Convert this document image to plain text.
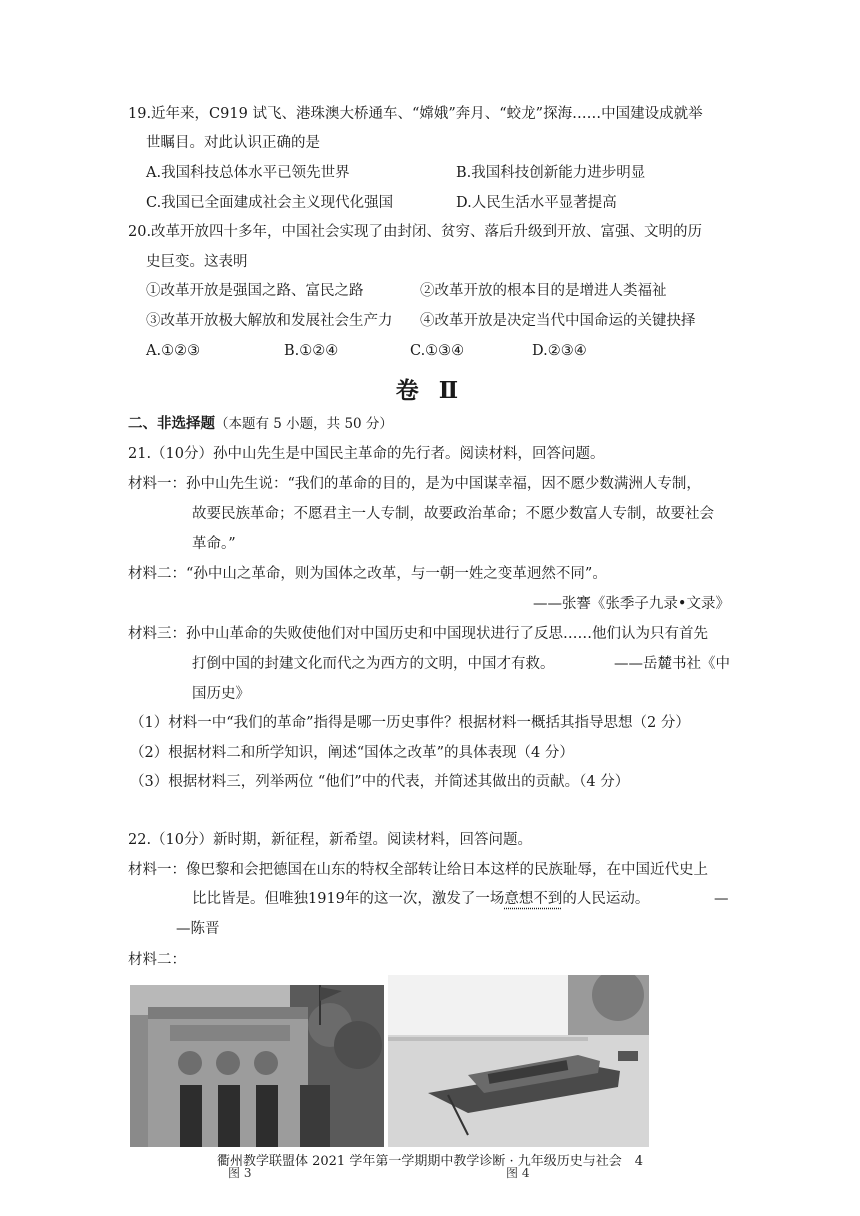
19.近年来，C919 试飞、港珠澳大桥通车、“嫦娥”奔月、“蛟龙”探海……中国建设成就举
世瞩目。对此认识正确的是
A.我国科技总体水平已领先世界	B.我国科技创新能力进步明显
C.我国已全面建成社会主义现代化强国	D.人民生活水平显著提高
20.改革开放四十多年，中国社会实现了由封闭、贫穷、落后升级到开放、富强、文明的历
史巨变。这表明
①改革开放是强国之路、富民之路	②改革开放的根本目的是增进人类福祉
③改革开放极大解放和发展社会生产力 ④改革开放是决定当代中国命运的关键抉择
A.①②③	B.①②④	C.①③④	D.②③④
卷 Ⅱ
二、非选择题（本题有 5 小题，共 50 分）
21.（10分）孙中山先生是中国民主革命的先行者。阅读材料，回答问题。
材料一：孙中山先生说：“我们的革命的目的，是为中国谋幸福，因不愿少数满洲人专制，
故要民族革命；不愿君主一人专制，故要政治革命；不愿少数富人专制，故要社会
革命。”
材料二：“孙中山之革命，则为国体之改革，与一朝一姓之变革迥然不同”。
——张謇《张季子九录•文录》
材料三：孙中山革命的失败使他们对中国历史和中国现状进行了反思……他们认为只有首先
打倒中国的封建文化而代之为西方的文明，中国才有救。	——岳麓书社《中
国历史》
（1）材料一中“我们的革命”指得是哪一历史事件？根据材料一概括其指导思想（2 分）
（2）根据材料二和所学知识，阐述“国体之改革”的具体表现（4 分）
（3）根据材料三，列举两位 “他们”中的代表，并简述其做出的贡献。（4 分）
22.（10分）新时期，新征程，新希望。阅读材料，回答问题。
材料一：像巴黎和会把德国在山东的特权全部转让给日本这样的民族耻辱，在中国近代史上
比比皆是。但唯独1919年的这一次，激发了一场意想不到的人民运动。	—
—陈晋
材料二：
图 3	图 4
衢州教学联盟体 2021 学年第一学期期中教学诊断 · 九年级历史与社会　4
